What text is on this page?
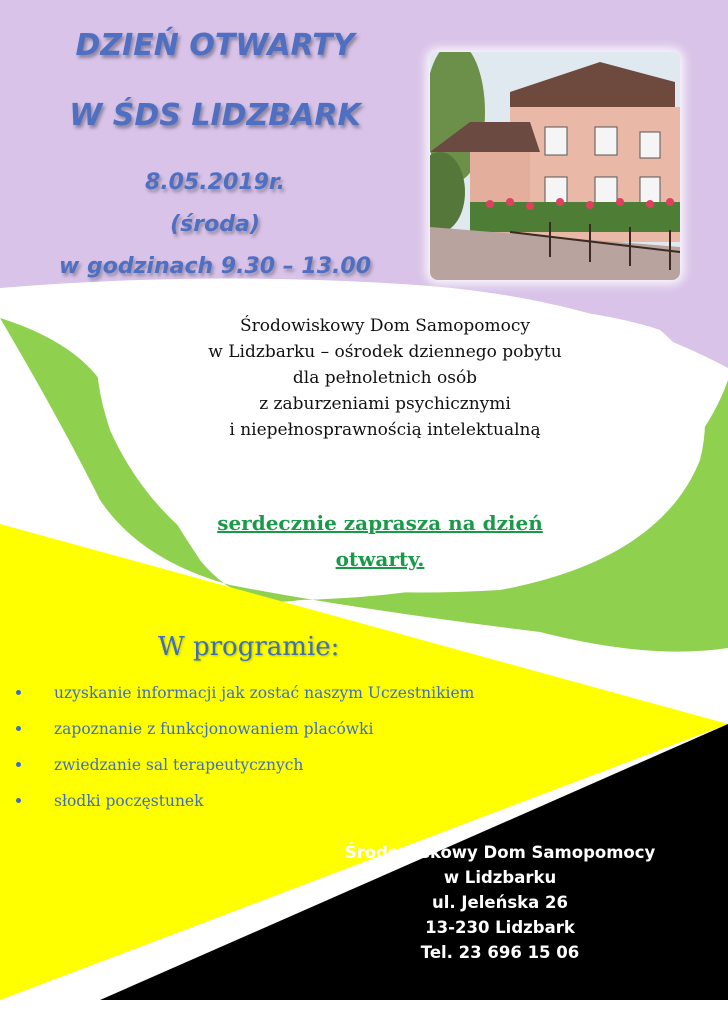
DZIEŃ OTWARTY
W ŚDS LIDZBARK
8.05.2019r.
(środa)
w godzinach 9.30 – 13.00
Środowiskowy Dom Samopomocy
w Lidzbarku – ośrodek dziennego pobytu
dla pełnoletnich osób
z zaburzeniami psychicznymi
i niepełnosprawnością intelektualną
serdecznie zaprasza na dzień
otwarty.
W programie:
uzyskanie informacji jak zostać naszym Uczestnikiem
zapoznanie z funkcjonowaniem placówki
zwiedzanie sal terapeutycznych
słodki poczęstunek
Środowiskowy Dom Samopomocy
w Lidzbarku
ul. Jeleńska 26
13-230 Lidzbark
Tel. 23 696 15 06
